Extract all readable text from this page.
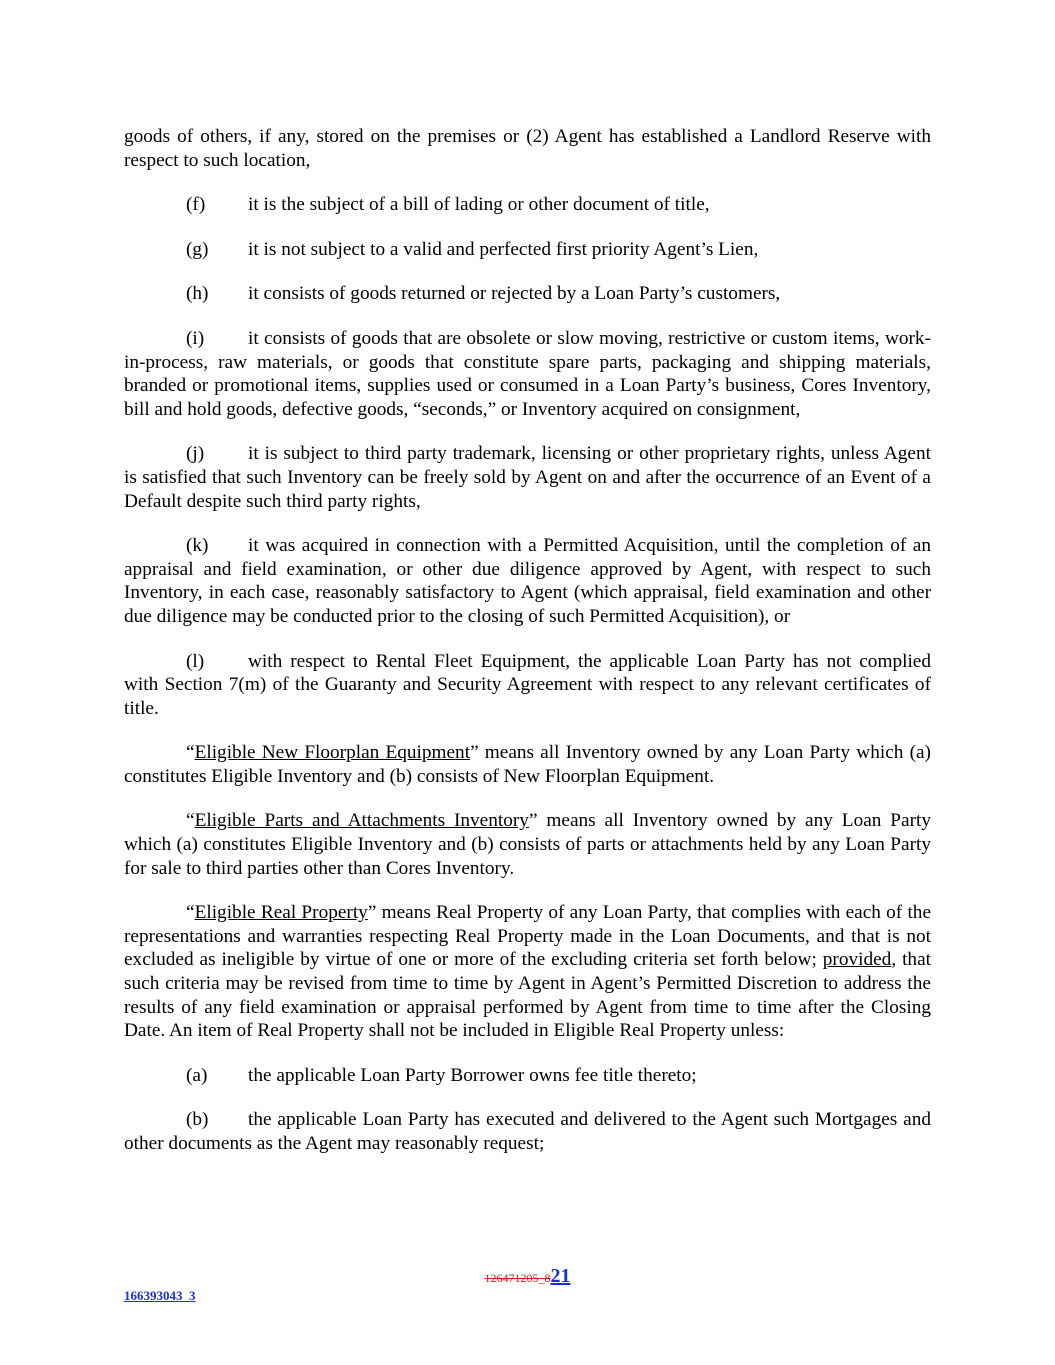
goods of others, if any, stored on the premises or (2) Agent has established a Landlord Reserve with respect to such location,

(f) it is the subject of a bill of lading or other document of title,

(g) it is not subject to a valid and perfected first priority Agent’s Lien,

(h) it consists of goods returned or rejected by a Loan Party’s customers,

(i) it consists of goods that are obsolete or slow moving, restrictive or custom items, work-in-process, raw materials, or goods that constitute spare parts, packaging and shipping materials, branded or promotional items, supplies used or consumed in a Loan Party’s business, Cores Inventory, bill and hold goods, defective goods, “seconds,” or Inventory acquired on consignment,

(j) it is subject to third party trademark, licensing or other proprietary rights, unless Agent is satisfied that such Inventory can be freely sold by Agent on and after the occurrence of an Event of a Default despite such third party rights,

(k) it was acquired in connection with a Permitted Acquisition, until the completion of an appraisal and field examination, or other due diligence approved by Agent, with respect to such Inventory, in each case, reasonably satisfactory to Agent (which appraisal, field examination and other due diligence may be conducted prior to the closing of such Permitted Acquisition), or

(l) with respect to Rental Fleet Equipment, the applicable Loan Party has not complied with Section 7(m) of the Guaranty and Security Agreement with respect to any relevant certificates of title.

“Eligible New Floorplan Equipment” means all Inventory owned by any Loan Party which (a) constitutes Eligible Inventory and (b) consists of New Floorplan Equipment.

“Eligible Parts and Attachments Inventory” means all Inventory owned by any Loan Party which (a) constitutes Eligible Inventory and (b) consists of parts or attachments held by any Loan Party for sale to third parties other than Cores Inventory.

“Eligible Real Property” means Real Property of any Loan Party, that complies with each of the representations and warranties respecting Real Property made in the Loan Documents, and that is not excluded as ineligible by virtue of one or more of the excluding criteria set forth below; provided, that such criteria may be revised from time to time by Agent in Agent’s Permitted Discretion to address the results of any field examination or appraisal performed by Agent from time to time after the Closing Date. An item of Real Property shall not be included in Eligible Real Property unless:

(a) the applicable Loan Party Borrower owns fee title thereto;

(b) the applicable Loan Party has executed and delivered to the Agent such Mortgages and other documents as the Agent may reasonably request;

126471205_821
166393043_3
